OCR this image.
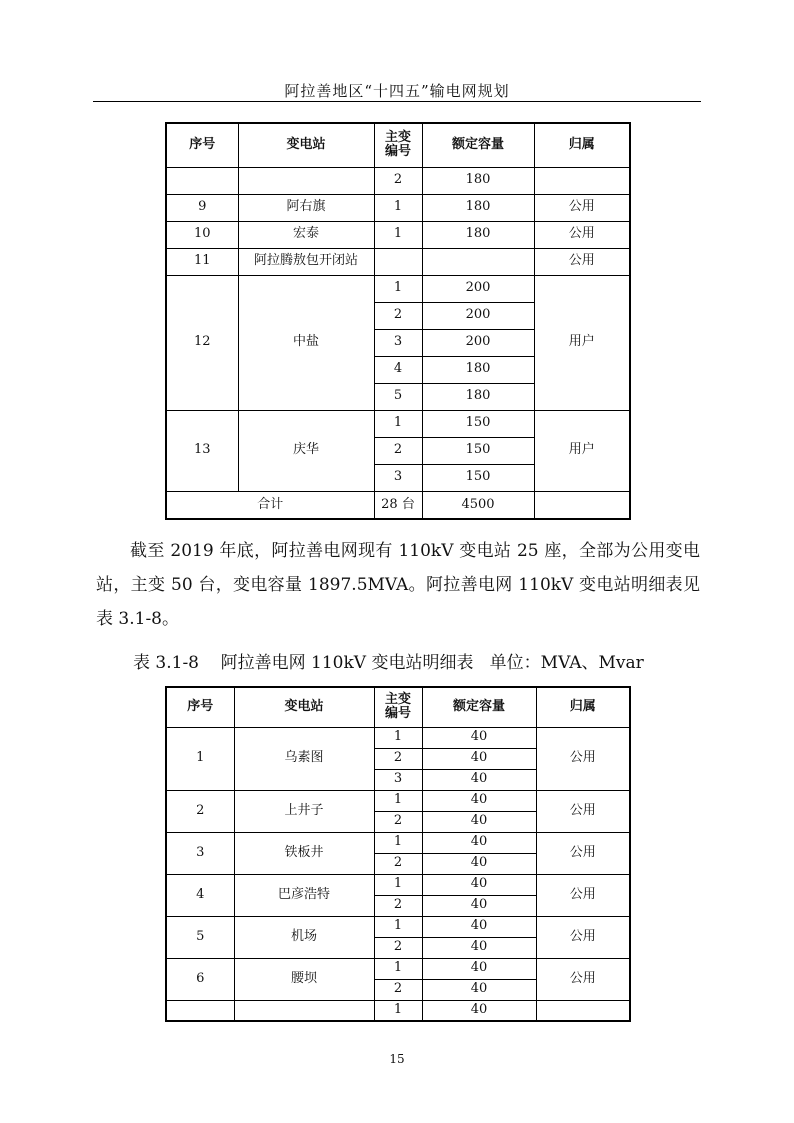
阿拉善地区“十四五”输电网规划
序号	变电站	主变编号	额定容量	归属
		2	180	
9	阿右旗	1	180	公用
10	宏泰	1	180	公用
11	阿拉腾敖包开闭站			公用
12	中盐	1	200	用户
		2	200	
		3	200	
		4	180	
		5	180	
13	庆华	1	150	用户
		2	150	
		3	150	
合计		28 台	4500	

截至 2019 年底，阿拉善电网现有 110kV 变电站 25 座，全部为公用变电站，主变 50 台，变电容量 1897.5MVA。阿拉善电网 110kV 变电站明细表见表 3.1-8。

表 3.1-8    阿拉善电网 110kV 变电站明细表   单位：MVA、Mvar
序号	变电站	主变编号	额定容量	归属
1	乌素图	1	40	公用
		2	40	
		3	40	
2	上井子	1	40	公用
		2	40	
3	铁板井	1	40	公用
		2	40	
4	巴彦浩特	1	40	公用
		2	40	
5	机场	1	40	公用
		2	40	
6	腰坝	1	40	公用
		2	40	
		1	40	
15
